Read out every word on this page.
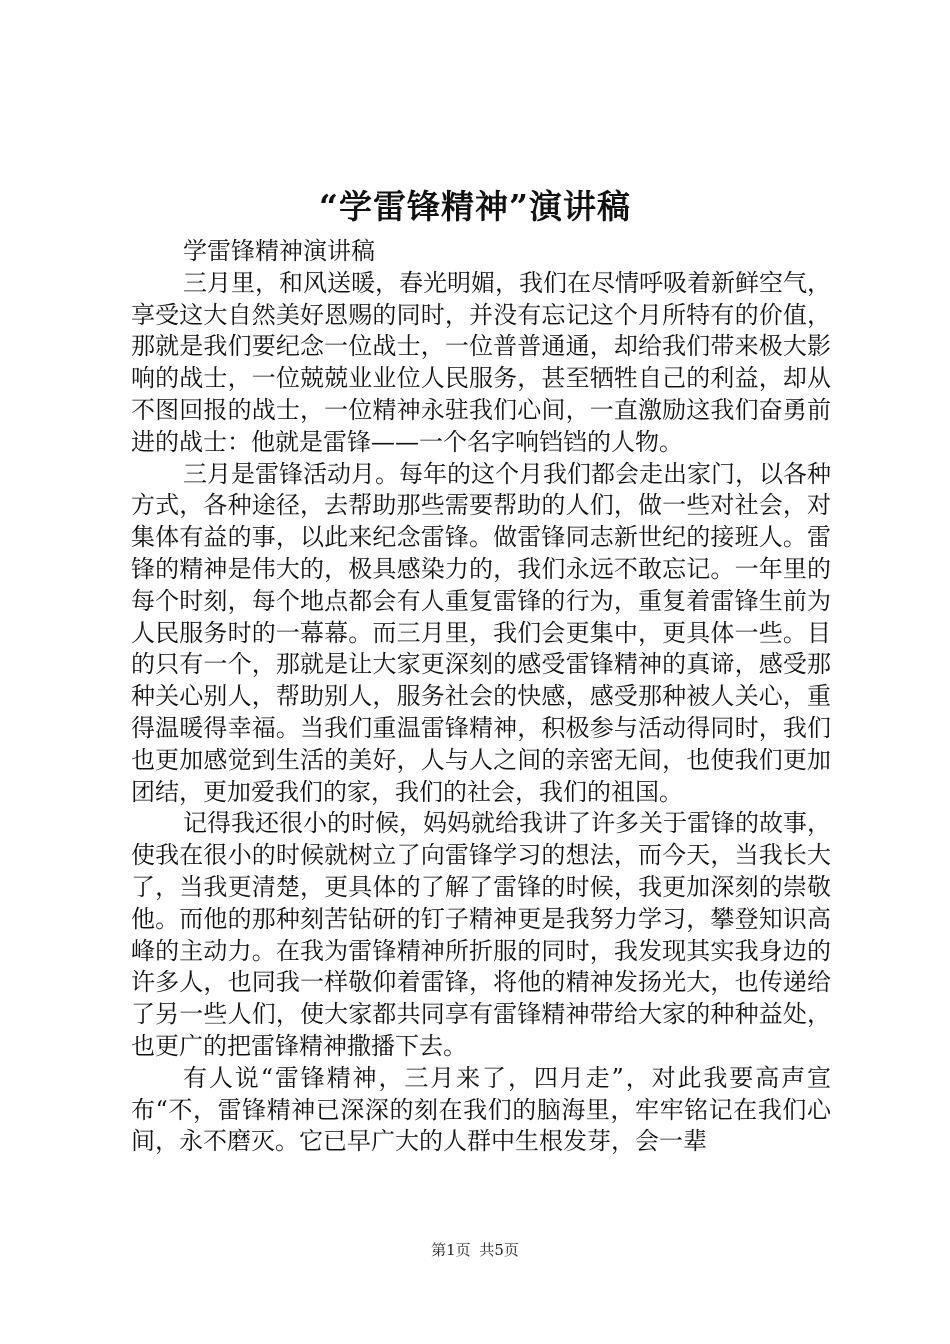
“学雷锋精神”演讲稿

学雷锋精神演讲稿

三月里，和风送暖，春光明媚，我们在尽情呼吸着新鲜空气，享受这大自然美好恩赐的同时，并没有忘记这个月所特有的价值，那就是我们要纪念一位战士，一位普普通通，却给我们带来极大影响的战士，一位兢兢业业位人民服务，甚至牺牲自己的利益，却从不图回报的战士，一位精神永驻我们心间，一直激励这我们奋勇前进的战士：他就是雷锋——一个名字响铛铛的人物。

三月是雷锋活动月。每年的这个月我们都会走出家门，以各种方式，各种途径，去帮助那些需要帮助的人们，做一些对社会，对集体有益的事，以此来纪念雷锋。做雷锋同志新世纪的接班人。雷锋的精神是伟大的，极具感染力的，我们永远不敢忘记。一年里的每个时刻，每个地点都会有人重复雷锋的行为，重复着雷锋生前为人民服务时的一幕幕。而三月里，我们会更集中，更具体一些。目的只有一个，那就是让大家更深刻的感受雷锋精神的真谛，感受那种关心别人，帮助别人，服务社会的快感，感受那种被人关心，重得温暖得幸福。当我们重温雷锋精神，积极参与活动得同时，我们也更加感觉到生活的美好，人与人之间的亲密无间，也使我们更加团结，更加爱我们的家，我们的社会，我们的祖国。

记得我还很小的时候，妈妈就给我讲了许多关于雷锋的故事，使我在很小的时候就树立了向雷锋学习的想法，而今天，当我长大了，当我更清楚，更具体的了解了雷锋的时候，我更加深刻的崇敬他。而他的那种刻苦钻研的钉子精神更是我努力学习，攀登知识高峰的主动力。在我为雷锋精神所折服的同时，我发现其实我身边的许多人，也同我一样敬仰着雷锋，将他的精神发扬光大，也传递给了另一些人们，使大家都共同享有雷锋精神带给大家的种种益处，也更广的把雷锋精神撒播下去。

有人说“雷锋精神，三月来了，四月走”，对此我要高声宣布“不，雷锋精神已深深的刻在我们的脑海里，牢牢铭记在我们心间，永不磨灭。它已早广大的人群中生根发芽，会一辈

第1页 共5页
